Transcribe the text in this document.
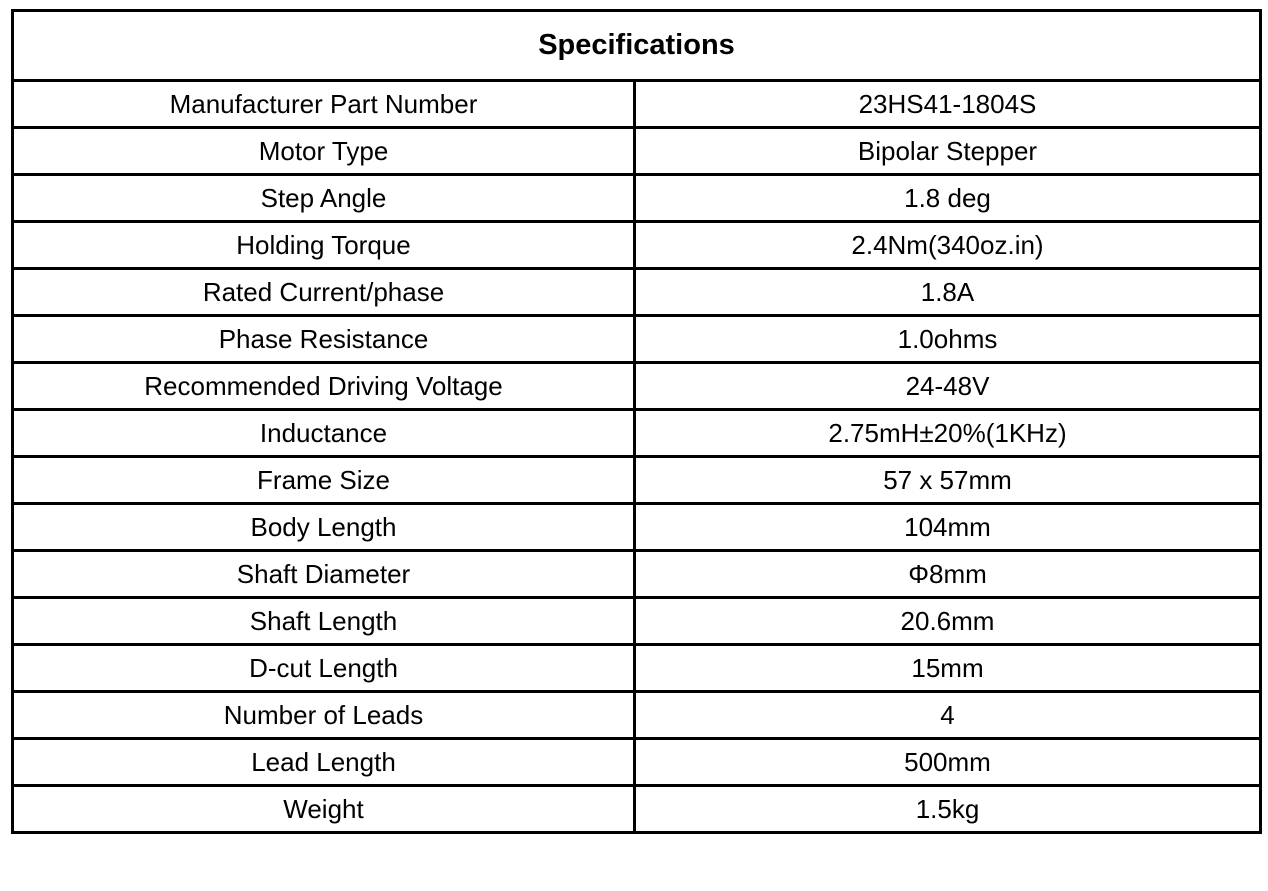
Specifications	
Manufacturer Part Number	23HS41-1804S
Motor Type	Bipolar Stepper
Step Angle	1.8 deg
Holding Torque	2.4Nm(340oz.in)
Rated Current/phase	1.8A
Phase Resistance	1.0ohms
Recommended Driving Voltage	24-48V
Inductance	2.75mH±20%(1KHz)
Frame Size	57 x 57mm
Body Length	104mm
Shaft Diameter	Φ8mm
Shaft Length	20.6mm
D-cut Length	15mm
Number of Leads	4
Lead Length	500mm
Weight	1.5kg
